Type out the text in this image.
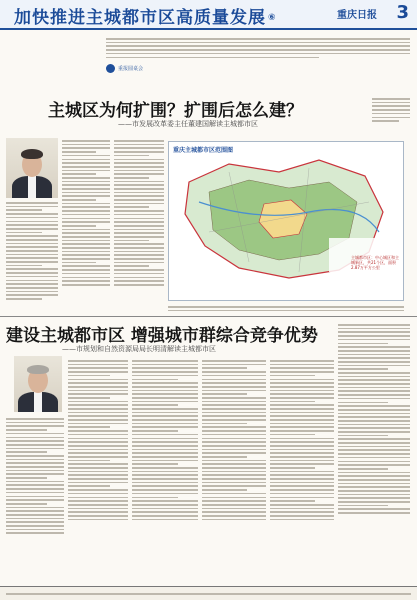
加快推进主城都市区高质量发展 ⑥	重庆日报 3
重报圆桌会
主城区为何扩围？扩围后怎么建？
——市发展改革委主任董建国解读主城都市区
重庆主城都市区范围图
主城都市区：中心城区和主城新区，共21个区，面积2.87万平方公里
建设主城都市区 增强城市群综合竞争优势
——市规划和自然资源局局长明清解读主城都市区
